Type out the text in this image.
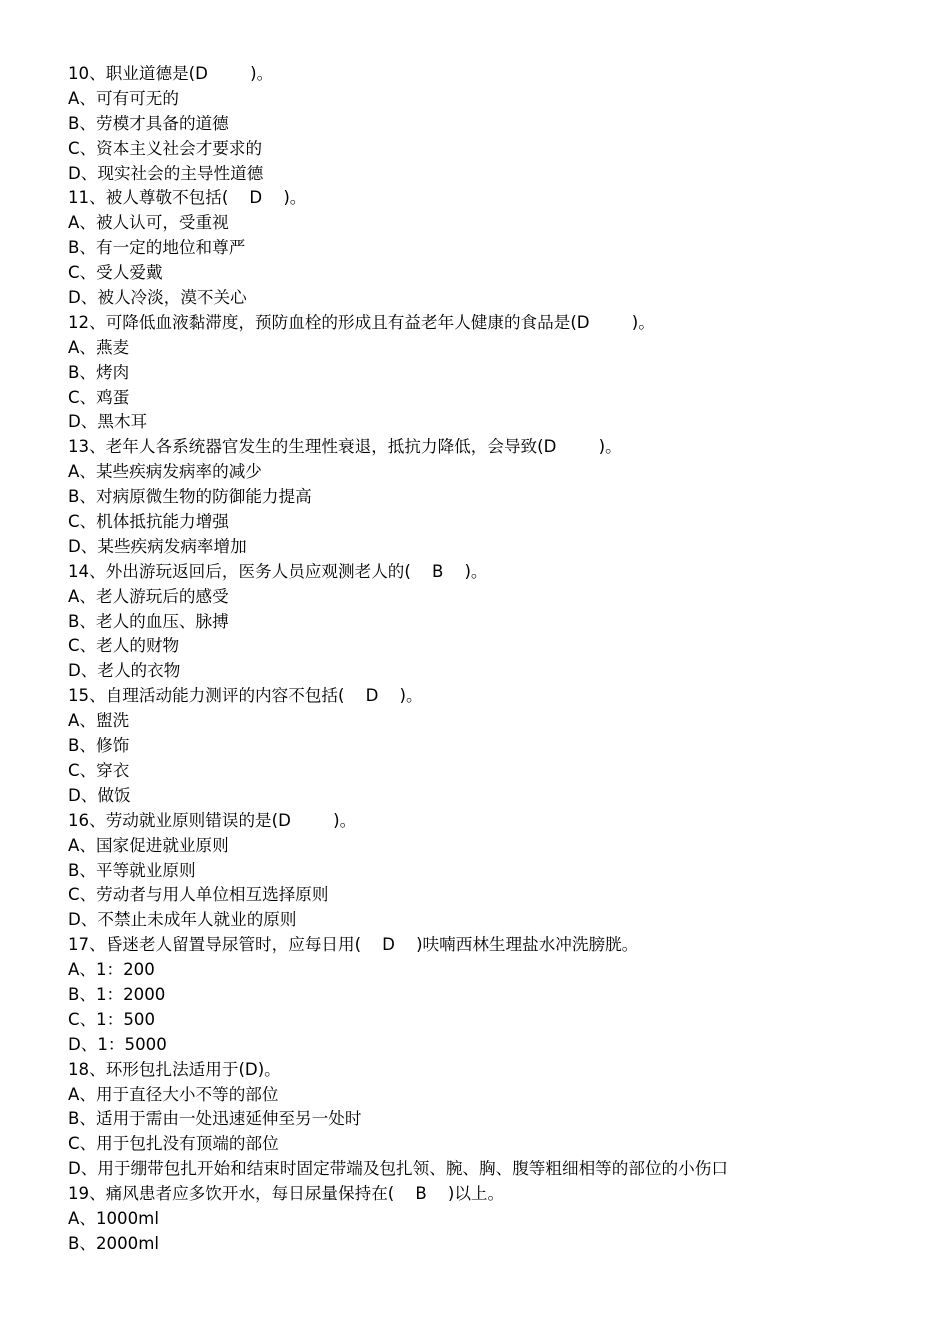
10、职业道德是(D        )。
A、可有可无的
B、劳模才具备的道德
C、资本主义社会才要求的
D、现实社会的主导性道德
11、被人尊敬不包括(    D    )。
A、被人认可，受重视
B、有一定的地位和尊严
C、受人爱戴
D、被人冷淡，漠不关心
12、可降低血液黏滞度，预防血栓的形成且有益老年人健康的食品是(D        )。
A、燕麦
B、烤肉
C、鸡蛋
D、黑木耳
13、老年人各系统器官发生的生理性衰退，抵抗力降低，会导致(D        )。
A、某些疾病发病率的减少
B、对病原微生物的防御能力提高
C、机体抵抗能力增强
D、某些疾病发病率增加
14、外出游玩返回后，医务人员应观测老人的(    B    )。
A、老人游玩后的感受
B、老人的血压、脉搏
C、老人的财物
D、老人的衣物
15、自理活动能力测评的内容不包括(    D    )。
A、盥洗
B、修饰
C、穿衣
D、做饭
16、劳动就业原则错误的是(D        )。
A、国家促进就业原则
B、平等就业原则
C、劳动者与用人单位相互选择原则
D、不禁止未成年人就业的原则
17、昏迷老人留置导尿管时，应每日用(    D    )呋喃西林生理盐水冲洗膀胱。
A、1：200
B、1：2000
C、1：500
D、1：5000
18、环形包扎法适用于(D)。
A、用于直径大小不等的部位
B、适用于需由一处迅速延伸至另一处时
C、用于包扎没有顶端的部位
D、用于绷带包扎开始和结束时固定带端及包扎领、腕、胸、腹等粗细相等的部位的小伤口
19、痛风患者应多饮开水，每日尿量保持在(    B    )以上。
A、1000ml
B、2000ml
